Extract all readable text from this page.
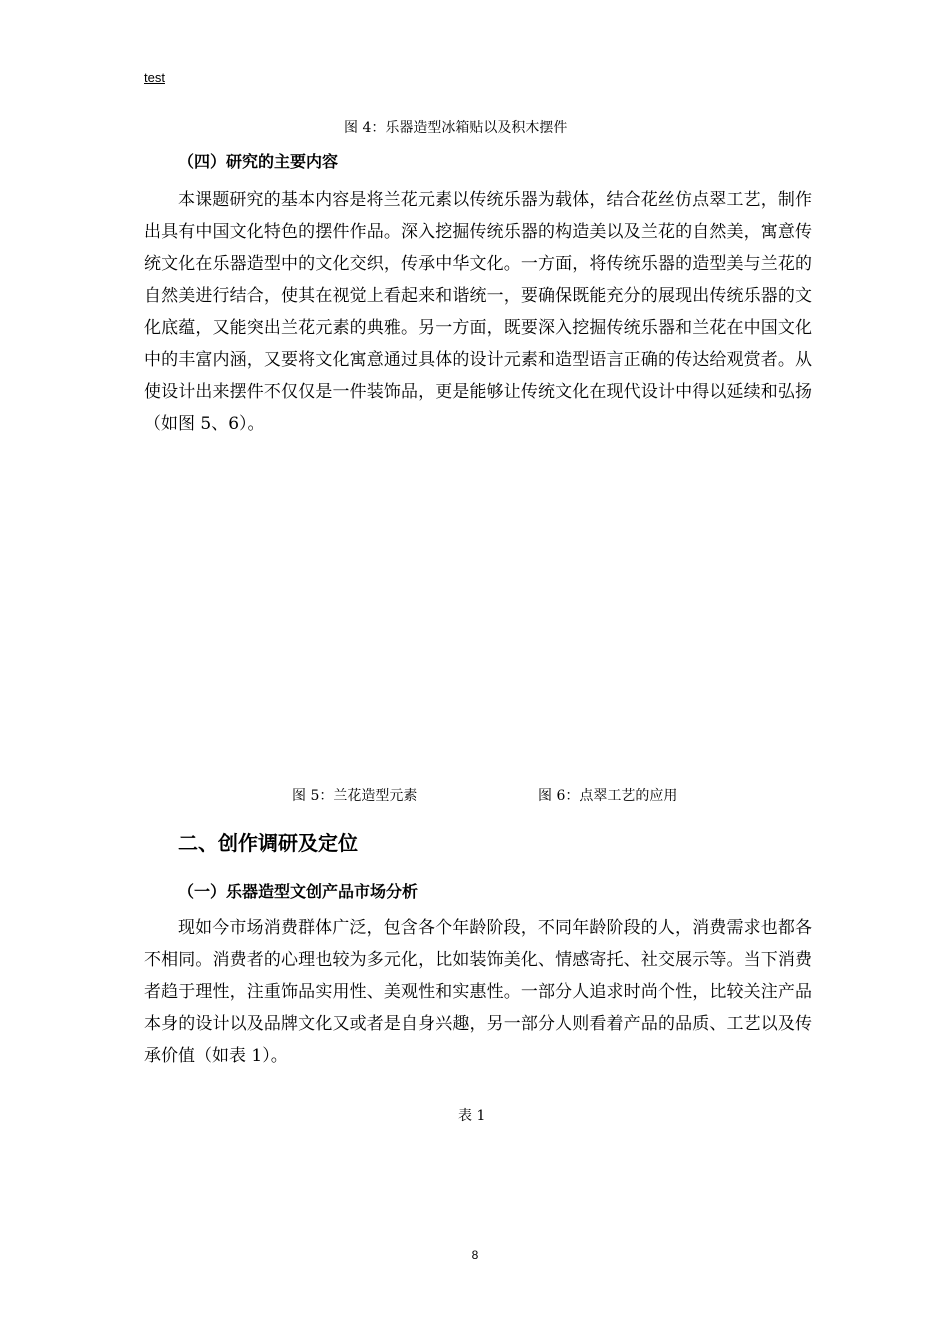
test
图 4：乐器造型冰箱贴以及积木摆件
（四）研究的主要内容

本课题研究的基本内容是将兰花元素以传统乐器为载体，结合花丝仿点翠工艺，制作出具有中国文化特色的摆件作品。深入挖掘传统乐器的构造美以及兰花的自然美，寓意传统文化在乐器造型中的文化交织，传承中华文化。一方面，将传统乐器的造型美与兰花的自然美进行结合，使其在视觉上看起来和谐统一，要确保既能充分的展现出传统乐器的文化底蕴，又能突出兰花元素的典雅。另一方面，既要深入挖掘传统乐器和兰花在中国文化中的丰富内涵，又要将文化寓意通过具体的设计元素和造型语言正确的传达给观赏者。从使设计出来摆件不仅仅是一件装饰品，更是能够让传统文化在现代设计中得以延续和弘扬（如图 5、6）。

图 5：兰花造型元素	图 6：点翠工艺的应用
二、创作调研及定位
（一）乐器造型文创产品市场分析

现如今市场消费群体广泛，包含各个年龄阶段，不同年龄阶段的人，消费需求也都各不相同。消费者的心理也较为多元化，比如装饰美化、情感寄托、社交展示等。当下消费者趋于理性，注重饰品实用性、美观性和实惠性。一部分人追求时尚个性，比较关注产品本身的设计以及品牌文化又或者是自身兴趣，另一部分人则看着产品的品质、工艺以及传承价值（如表 1）。

表 1
8
